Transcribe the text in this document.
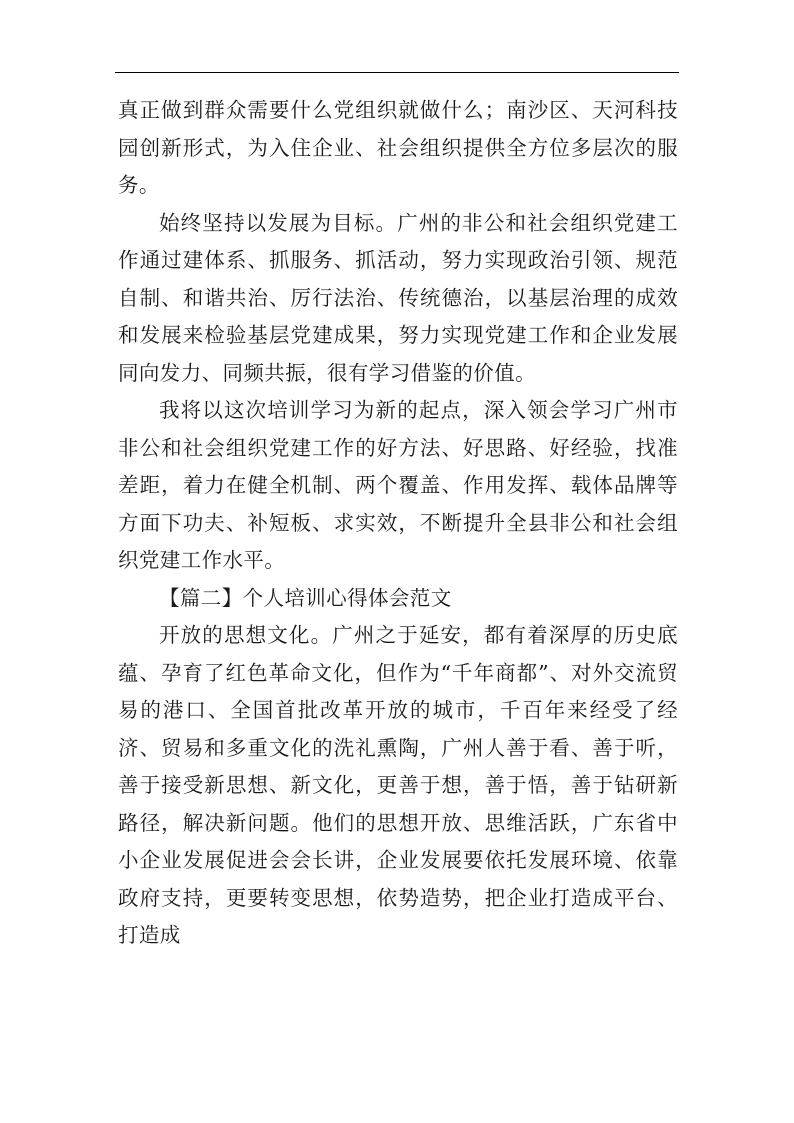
真正做到群众需要什么党组织就做什么；南沙区、天河科技园创新形式，为入住企业、社会组织提供全方位多层次的服务。

始终坚持以发展为目标。广州的非公和社会组织党建工作通过建体系、抓服务、抓活动，努力实现政治引领、规范自制、和谐共治、厉行法治、传统德治，以基层治理的成效和发展来检验基层党建成果，努力实现党建工作和企业发展同向发力、同频共振，很有学习借鉴的价值。

我将以这次培训学习为新的起点，深入领会学习广州市非公和社会组织党建工作的好方法、好思路、好经验，找准差距，着力在健全机制、两个覆盖、作用发挥、载体品牌等方面下功夫、补短板、求实效，不断提升全县非公和社会组织党建工作水平。

【篇二】个人培训心得体会范文

开放的思想文化。广州之于延安，都有着深厚的历史底蕴、孕育了红色革命文化，但作为“千年商都”、对外交流贸易的港口、全国首批改革开放的城市，千百年来经受了经济、贸易和多重文化的洗礼熏陶，广州人善于看、善于听，善于接受新思想、新文化，更善于想，善于悟，善于钻研新路径，解决新问题。他们的思想开放、思维活跃，广东省中小企业发展促进会会长讲，企业发展要依托发展环境、依靠政府支持，更要转变思想，依势造势，把企业打造成平台、打造成
